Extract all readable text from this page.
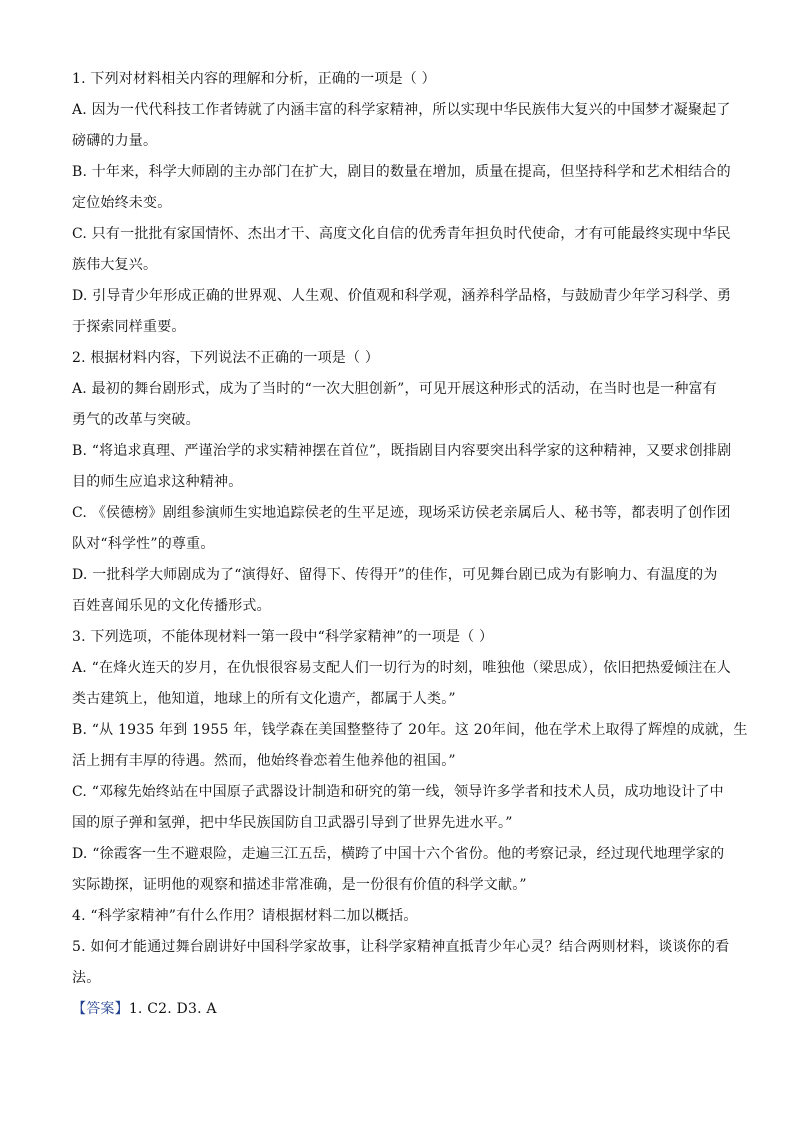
1. 下列对材料相关内容的理解和分析，正确的一项是（ ）
A. 因为一代代科技工作者铸就了内涵丰富的科学家精神，所以实现中华民族伟大复兴的中国梦才凝聚起了
磅礴的力量。
B. 十年来，科学大师剧的主办部门在扩大，剧目的数量在增加，质量在提高，但坚持科学和艺术相结合的
定位始终未变。
C. 只有一批批有家国情怀、杰出才干、高度文化自信的优秀青年担负时代使命，才有可能最终实现中华民
族伟大复兴。
D. 引导青少年形成正确的世界观、人生观、价值观和科学观，涵养科学品格，与鼓励青少年学习科学、勇
于探索同样重要。
2. 根据材料内容，下列说法不正确的一项是（ ）
A. 最初的舞台剧形式，成为了当时的“一次大胆创新”，可见开展这种形式的活动，在当时也是一种富有
勇气的改革与突破。
B. “将追求真理、严谨治学的求实精神摆在首位”，既指剧目内容要突出科学家的这种精神，又要求创排剧
目的师生应追求这种精神。
C. 《侯德榜》剧组参演师生实地追踪侯老的生平足迹，现场采访侯老亲属后人、秘书等，都表明了创作团
队对“科学性”的尊重。
D. 一批科学大师剧成为了“演得好、留得下、传得开”的佳作，可见舞台剧已成为有影响力、有温度的为
百姓喜闻乐见的文化传播形式。
3. 下列选项，不能体现材料一第一段中“科学家精神”的一项是（ ）
A. “在烽火连天的岁月，在仇恨很容易支配人们一切行为的时刻，唯独他（梁思成），依旧把热爱倾注在人
类古建筑上，他知道，地球上的所有文化遗产，都属于人类。”
B. “从 1935 年到 1955 年，钱学森在美国整整待了 20年。这 20年间，他在学术上取得了辉煌的成就，生
活上拥有丰厚的待遇。然而，他始终眷恋着生他养他的祖国。”
C. “邓稼先始终站在中国原子武器设计制造和研究的第一线，领导许多学者和技术人员，成功地设计了中
国的原子弹和氢弹，把中华民族国防自卫武器引导到了世界先进水平。”
D. “徐霞客一生不避艰险，走遍三江五岳，横跨了中国十六个省份。他的考察记录，经过现代地理学家的
实际勘探，证明他的观察和描述非常准确，是一份很有价值的科学文献。”
4. “科学家精神”有什么作用？请根据材料二加以概括。
5. 如何才能通过舞台剧讲好中国科学家故事，让科学家精神直抵青少年心灵？结合两则材料，谈谈你的看
法。
【答案】1. C2. D3. A
